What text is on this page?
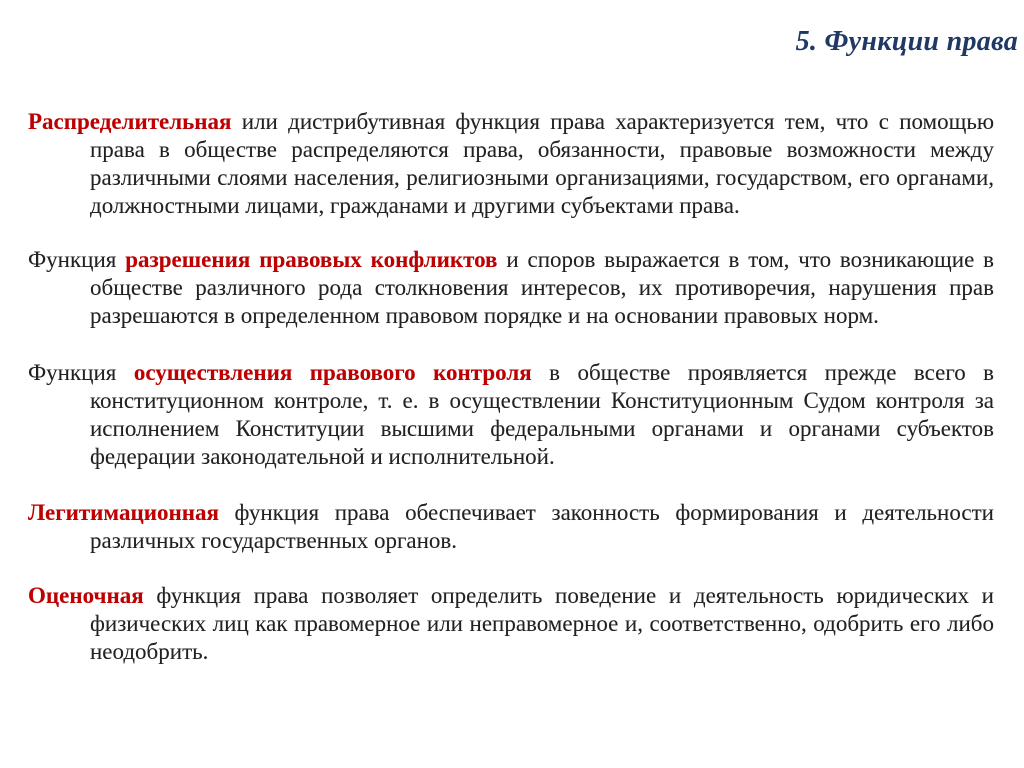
5. Функции права

Распределительная или дистрибутивная функция права характеризуется тем, что с помощью права в обществе распределяются права, обязанности, правовые возможности между различными слоями населения, религиозными организациями, государством, его органами, должностными лицами, гражданами и другими субъектами права.

Функция разрешения правовых конфликтов и споров выражается в том, что возникающие в обществе различного рода столкновения интересов, их противоречия, нарушения прав разрешаются в определенном правовом порядке и на основании правовых норм.

Функция осуществления правового контроля в обществе проявляется прежде всего в конституционном контроле, т. е. в осуществлении Конституционным Судом контроля за исполнением Конституции высшими федеральными органами и органами субъектов федерации законодательной и исполнительной.

Легитимационная функция права обеспечивает законность формирования и деятельности различных государственных органов.

Оценочная функция права позволяет определить поведение и деятельность юридических и физических лиц как правомерное или неправомерное и, соответственно, одобрить его либо неодобрить.
